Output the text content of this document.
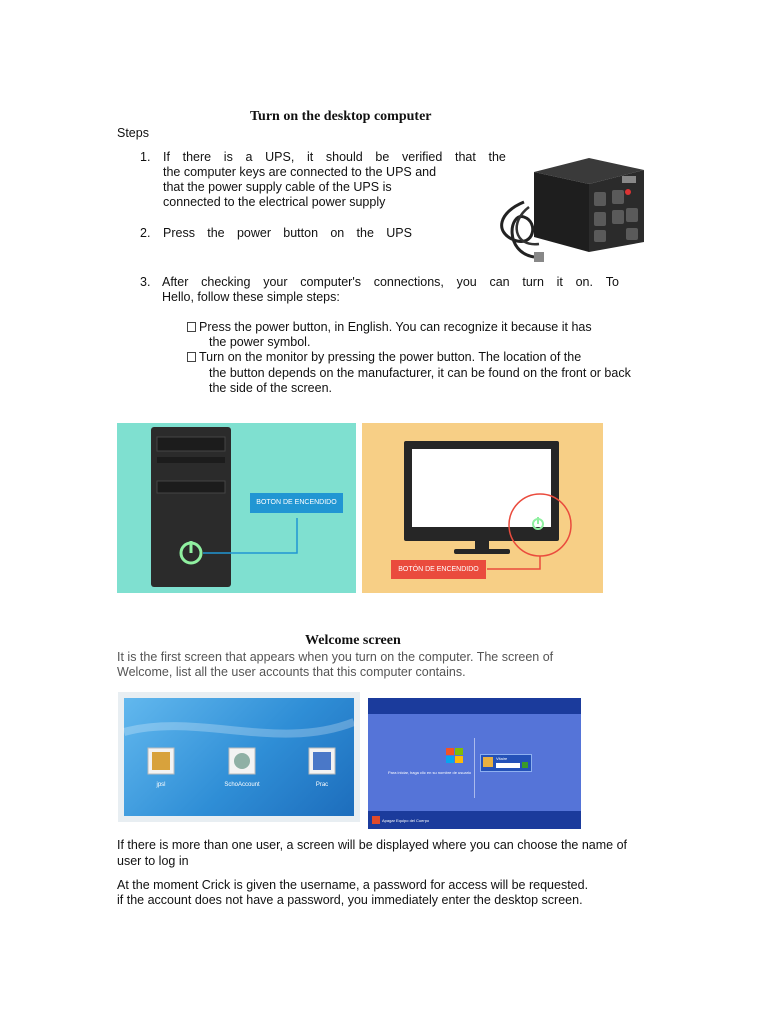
Turn on the desktop computer
Steps
1. If there is a UPS, it should be verified that the
the computer keys are connected to the UPS and
that the power supply cable of the UPS is
connected to the electrical power supply
2. Press the power button on the UPS
3. After checking your computer's connections, you can turn it on. To
Hello, follow these simple steps:
Press the power button, in English. You can recognize it because it has
the power symbol.
Turn on the monitor by pressing the power button. The location of the
the button depends on the manufacturer, it can be found on the front or back
the side of the screen.
BOTON DE ENCENDIDO
BOTÓN DE ENCENDIDO
Welcome screen
It is the first screen that appears when you turn on the computer. The screen of
Welcome, list all the user accounts that this computer contains.
jpsl	SchoAccount	Prac
Para iniciar, haga clic en su nombre de usuario
Vitaire
Apagar Equipo del Cuerpo
If there is more than one user, a screen will be displayed where you can choose the name of
user to log in
At the moment Crick is given the username, a password for access will be requested.
if the account does not have a password, you immediately enter the desktop screen.
